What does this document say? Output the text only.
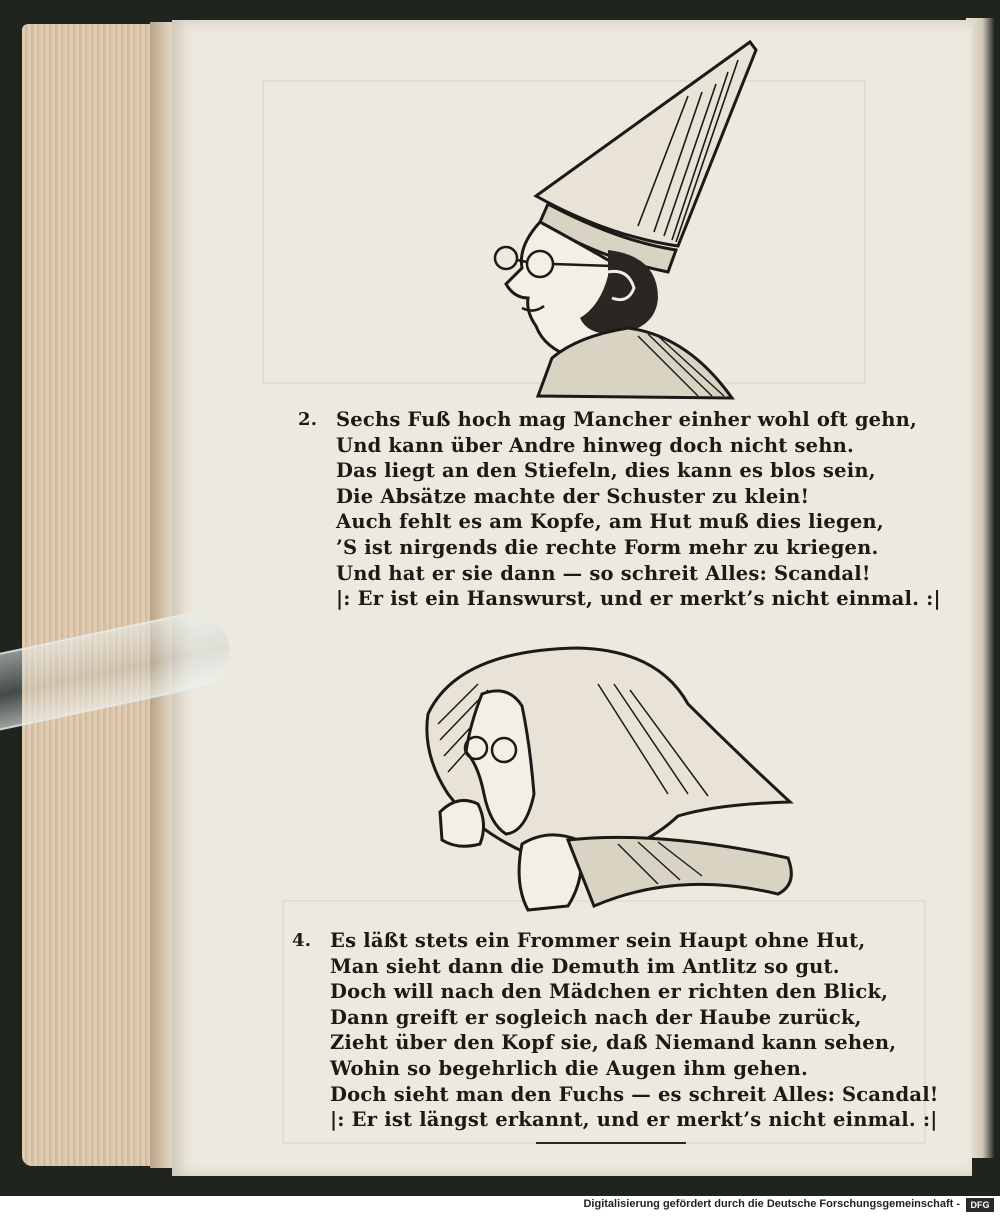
2. Sechs Fuß hoch mag Mancher einher wohl oft gehn,
Und kann über Andre hinweg doch nicht sehn.
Das liegt an den Stiefeln, dies kann es blos sein,
Die Absätze machte der Schuster zu klein!
Auch fehlt es am Kopfe, am Hut muß dies liegen,
’S ist nirgends die rechte Form mehr zu kriegen.
Und hat er sie dann — so schreit Alles: Scandal!
|: Er ist ein Hanswurst, und er merkt’s nicht einmal. :|
4. Es läßt stets ein Frommer sein Haupt ohne Hut,
Man sieht dann die Demuth im Antlitz so gut.
Doch will nach den Mädchen er richten den Blick,
Dann greift er sogleich nach der Haube zurück,
Zieht über den Kopf sie, daß Niemand kann sehen,
Wohin so begehrlich die Augen ihm gehen.
Doch sieht man den Fuchs — es schreit Alles: Scandal!
|: Er ist längst erkannt, und er merkt’s nicht einmal. :|
Digitalisierung gefördert durch die Deutsche Forschungsgemeinschaft -	DFG
